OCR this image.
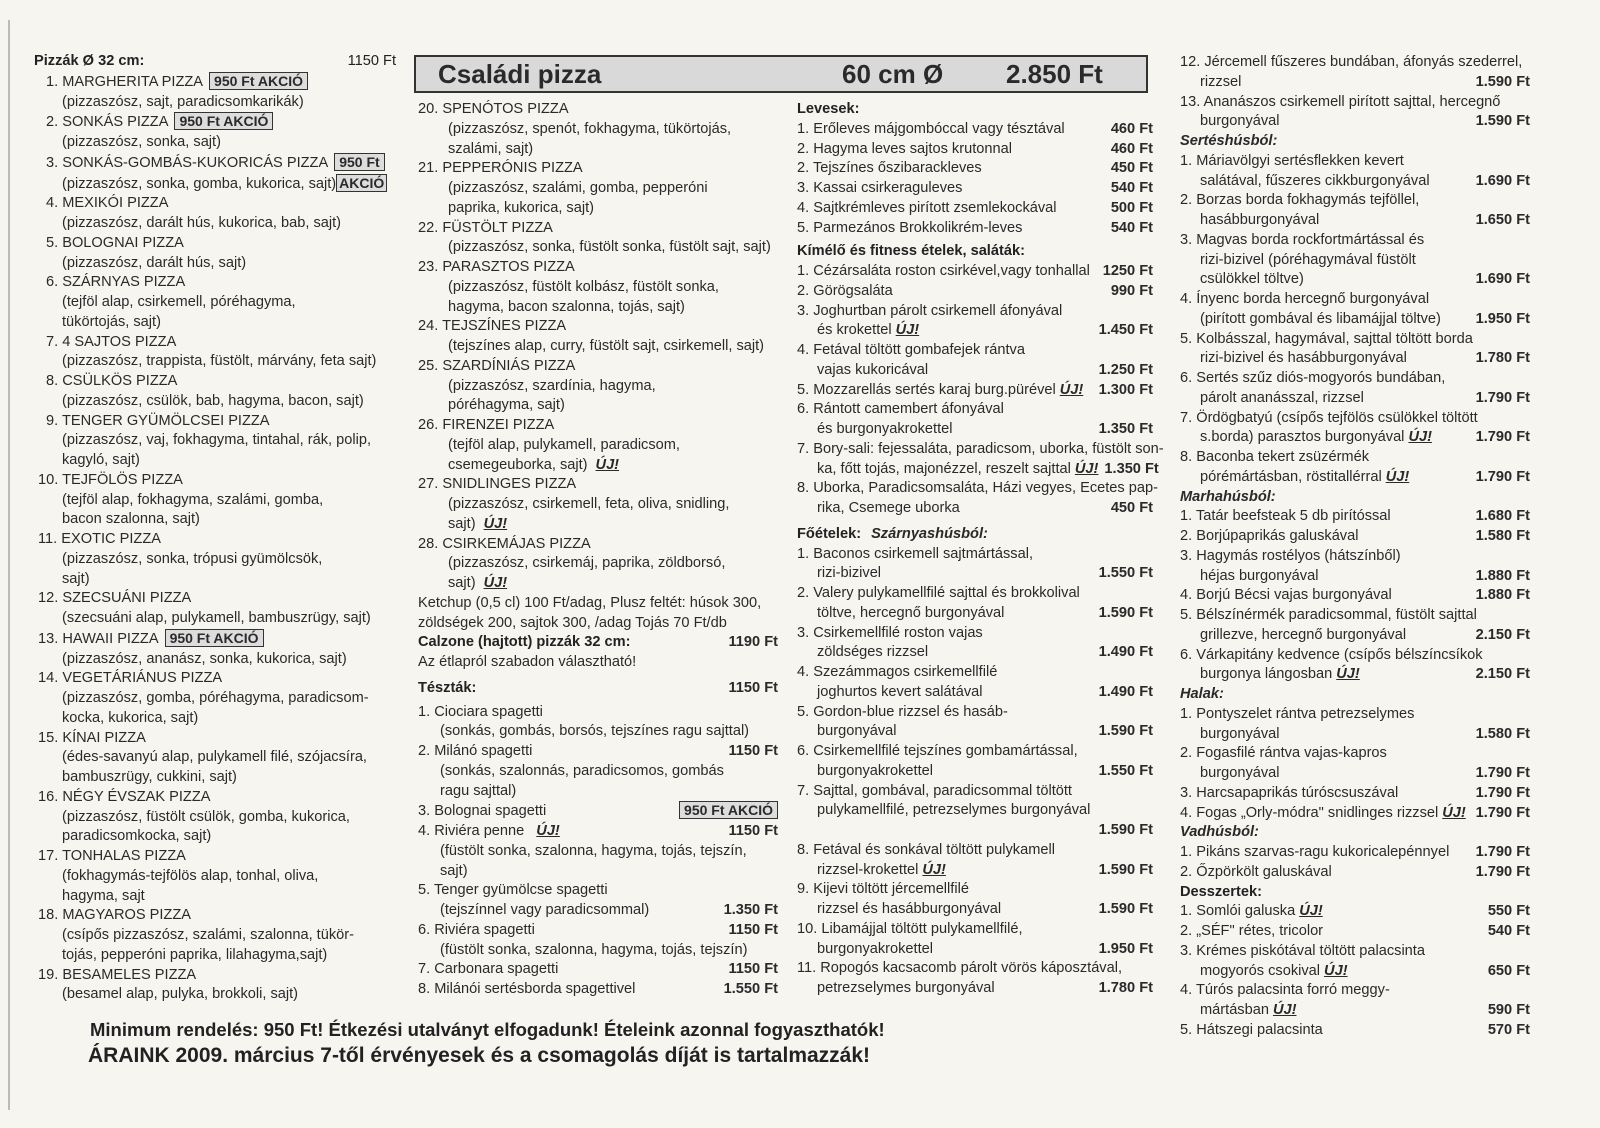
Családi pizza	60 cm Ø 2.850 Ft
Pizzák Ø 32 cm:	1150 Ft
1. MARGHERITA PIZZA 950 Ft AKCIÓ
(pizzaszósz, sajt, paradicsomkarikák)
2. SONKÁS PIZZA 950 Ft AKCIÓ
(pizzaszósz, sonka, sajt)
3. SONKÁS-GOMBÁS-KUKORICÁS PIZZA 950 Ft
(pizzaszósz, sonka, gomba, kukorica, sajt) AKCIÓ
4. MEXIKÓI PIZZA
(pizzaszósz, darált hús, kukorica, bab, sajt)
5. BOLOGNAI PIZZA
(pizzaszósz, darált hús, sajt)
6. SZÁRNYAS PIZZA
(tejföl alap, csirkemell, póréhagyma,
tükörtojás, sajt)
7. 4 SAJTOS PIZZA
(pizzaszósz, trappista, füstölt, márvány, feta sajt)
8. CSÜLKÖS PIZZA
(pizzaszósz, csülök, bab, hagyma, bacon, sajt)
9. TENGER GYÜMÖLCSEI PIZZA
(pizzaszósz, vaj, fokhagyma, tintahal, rák, polip,
kagyló, sajt)
10. TEJFÖLÖS PIZZA
(tejföl alap, fokhagyma, szalámi, gomba,
bacon szalonna, sajt)
11. EXOTIC PIZZA
(pizzaszósz, sonka, trópusi gyümölcsök,
sajt)
12. SZECSUÁNI PIZZA
(szecsuáni alap, pulykamell, bambuszrügy, sajt)
13. HAWAII PIZZA 950 Ft AKCIÓ
(pizzaszósz, ananász, sonka, kukorica, sajt)
14. VEGETÁRIÁNUS PIZZA
(pizzaszósz, gomba, póréhagyma, paradicsom-
kocka, kukorica, sajt)
15. KÍNAI PIZZA
(édes-savanyú alap, pulykamell filé, szójacsíra,
bambuszrügy, cukkini, sajt)
16. NÉGY ÉVSZAK PIZZA
(pizzaszósz, füstölt csülök, gomba, kukorica,
paradicsomkocka, sajt)
17. TONHALAS PIZZA
(fokhagymás-tejfölös alap, tonhal, oliva,
hagyma, sajt
18. MAGYAROS PIZZA
(csípős pizzaszósz, szalámi, szalonna, tükör-
tojás, pepperóni paprika, lilahagyma,sajt)
19. BESAMELES PIZZA
(besamel alap, pulyka, brokkoli, sajt)
20. SPENÓTOS PIZZA
(pizzaszósz, spenót, fokhagyma, tükörtojás,
szalámi, sajt)
21. PEPPERÓNIS PIZZA
(pizzaszósz, szalámi, gomba, pepperóni
paprika, kukorica, sajt)
22. FÜSTÖLT PIZZA
(pizzaszósz, sonka, füstölt sonka, füstölt sajt, sajt)
23. PARASZTOS PIZZA
(pizzaszósz, füstölt kolbász, füstölt sonka,
hagyma, bacon szalonna, tojás, sajt)
24. TEJSZÍNES PIZZA
(tejszínes alap, curry, füstölt sajt, csirkemell, sajt)
25. SZARDÍNIÁS PIZZA
(pizzaszósz, szardínia, hagyma,
póréhagyma, sajt)
26. FIRENZEI PIZZA
(tejföl alap, pulykamell, paradicsom,
csemegeuborka, sajt) ÚJ!
27. SNIDLINGES PIZZA
(pizzaszósz, csirkemell, feta, oliva, snidling,
sajt) ÚJ!
28. CSIRKEMÁJAS PIZZA
(pizzaszósz, csirkemáj, paprika, zöldborsó,
sajt) ÚJ!
Ketchup (0,5 cl) 100 Ft/adag, Plusz feltét: húsok 300,
zöldségek 200, sajtok 300, /adag Tojás 70 Ft/db
Calzone (hajtott) pizzák 32 cm:	1190 Ft
Az étlapról szabadon választható!
Tészták:	1150 Ft
1. Ciociara spagetti
(sonkás, gombás, borsós, tejszínes ragu sajttal)
2. Milánó spagetti	1150 Ft
(sonkás, szalonnás, paradicsomos, gombás
ragu sajttal)
3. Bolognai spagetti	950 Ft AKCIÓ
4. Riviéra penne ÚJ!	1150 Ft
(füstölt sonka, szalonna, hagyma, tojás, tejszín, sajt)
5. Tenger gyümölcse spagetti
(tejszínnel vagy paradicsommal)	1.350 Ft
6. Riviéra spagetti	1150 Ft
(füstölt sonka, szalonna, hagyma, tojás, tejszín)
7. Carbonara spagetti	1150 Ft
8. Milánói sertésborda spagettivel	1.550 Ft
Levesek:
1. Erőleves májgombóccal vagy tésztával	460 Ft
2. Hagyma leves sajtos krutonnal	460 Ft
2. Tejszínes őszibarackleves	450 Ft
3. Kassai csirkeraguleves	540 Ft
4. Sajtkrémleves pirított zsemlekockával	500 Ft
5. Parmezános Brokkolikrém-leves	540 Ft
Kímélő és fitness ételek, saláták:
1. Cézársaláta roston csirkével,vagy tonhallal 1250 Ft
2. Görögsaláta	990 Ft
3. Joghurtban párolt csirkemell áfonyával
és krokettel ÚJ!	1.450 Ft
4. Fetával töltött gombafejek rántva
vajas kukoricával	1.250 Ft
5. Mozzarellás sertés karaj burg.pürével ÚJ!	1.300 Ft
6. Rántott camembert áfonyával
és burgonyakrokettel	1.350 Ft
7. Bory-sali: fejessaláta, paradicsom, uborka, füstölt son-
ka, főtt tojás, majonézzel, reszelt sajttal ÚJ! 1.350 Ft
8. Uborka, Paradicsomsaláta, Házi vegyes, Ecetes pap-
rika, Csemege uborka	450 Ft
Főételek: Szárnyashúsból:
1. Baconos csirkemell sajtmártással,
rizi-bizivel	1.550 Ft
2. Valery pulykamellfilé sajttal és brokkolival
töltve, hercegnő burgonyával	1.590 Ft
3. Csirkemellfilé roston vajas
zöldséges rizzsel	1.490 Ft
4. Szezámmagos csirkemellfilé
joghurtos kevert salátával	1.490 Ft
5. Gordon-blue rizzsel és hasáb-
burgonyával	1.590 Ft
6. Csirkemellfilé tejszínes gombamártással,
burgonyakrokettel	1.550 Ft
7. Sajttal, gombával, paradicsommal töltött
pulykamellfilé, petrezselymes burgonyával
1.590 Ft
8. Fetával és sonkával töltött pulykamell
rizzsel-krokettel ÚJ!	1.590 Ft
9. Kijevi töltött jércemellfilé
rizzsel és hasábburgonyával	1.590 Ft
10. Libamájjal töltött pulykamellfilé,
burgonyakrokettel	1.950 Ft
11. Ropogós kacsacomb párolt vörös káposztával,
petrezselymes burgonyával	1.780 Ft
12. Jércemell fűszeres bundában, áfonyás szederrel,
rizzsel	1.590 Ft
13. Ananászos csirkemell pirított sajttal, hercegnő
burgonyával	1.590 Ft
Sertéshúsból:
1. Máriavölgyi sertésflekken kevert
salátával, fűszeres cikkburgonyával	1.690 Ft
2. Borzas borda fokhagymás tejföllel,
hasábburgonyával	1.650 Ft
3. Magvas borda rockfortmártással és
rizi-bizivel (póréhagymával füstölt
csülökkel töltve)	1.690 Ft
4. Ínyenc borda hercegnő burgonyával
(pirított gombával és libamájjal töltve)	1.950 Ft
5. Kolbásszal, hagymával, sajttal töltött borda
rizi-bizivel és hasábburgonyával	1.780 Ft
6. Sertés szűz diós-mogyorós bundában,
párolt ananásszal, rizzsel	1.790 Ft
7. Ördögbatyú (csípős tejfölös csülökkel töltött
s.borda) parasztos burgonyával ÚJ!	1.790 Ft
8. Baconba tekert zsüzérmék
pórémártásban, röstitallérral ÚJ!	1.790 Ft
Marhahúsból:
1. Tatár beefsteak 5 db pirítóssal	1.680 Ft
2. Borjúpaprikás galuskával	1.580 Ft
3. Hagymás rostélyos (hátszínből)
héjas burgonyával	1.880 Ft
4. Borjú Bécsi vajas burgonyával	1.880 Ft
5. Bélszínérmék paradicsommal, füstölt sajttal
grillezve, hercegnő burgonyával	2.150 Ft
6. Várkapitány kedvence (csípős bélszíncsíkok
burgonya lángosban ÚJ!	2.150 Ft
Halak:
1. Pontyszelet rántva petrezselymes
burgonyával	1.580 Ft
2. Fogasfilé rántva vajas-kapros
burgonyával	1.790 Ft
3. Harcsapaprikás túróscsuszával	1.790 Ft
4. Fogas „Orly-módra" snidlinges rizzsel ÚJ! 1.790 Ft
Vadhúsból:
1. Pikáns szarvas-ragu kukoricalepénnyel	1.790 Ft
2. Őzpörkölt galuskával	1.790 Ft
Desszertek:
1. Somlói galuska ÚJ!	550 Ft
2. „SÉF" rétes, tricolor	540 Ft
3. Krémes piskótával töltött palacsinta
mogyorós csokival ÚJ!	650 Ft
4. Túrós palacsinta forró meggy-
mártásban ÚJ!	590 Ft
5. Hátszegi palacsinta	570 Ft
Minimum rendelés: 950 Ft! Étkezési utalványt elfogadunk! Ételeink azonnal fogyaszthatók!
ÁRAINK 2009. március 7-től érvényesek és a csomagolás díját is tartalmazzák!
